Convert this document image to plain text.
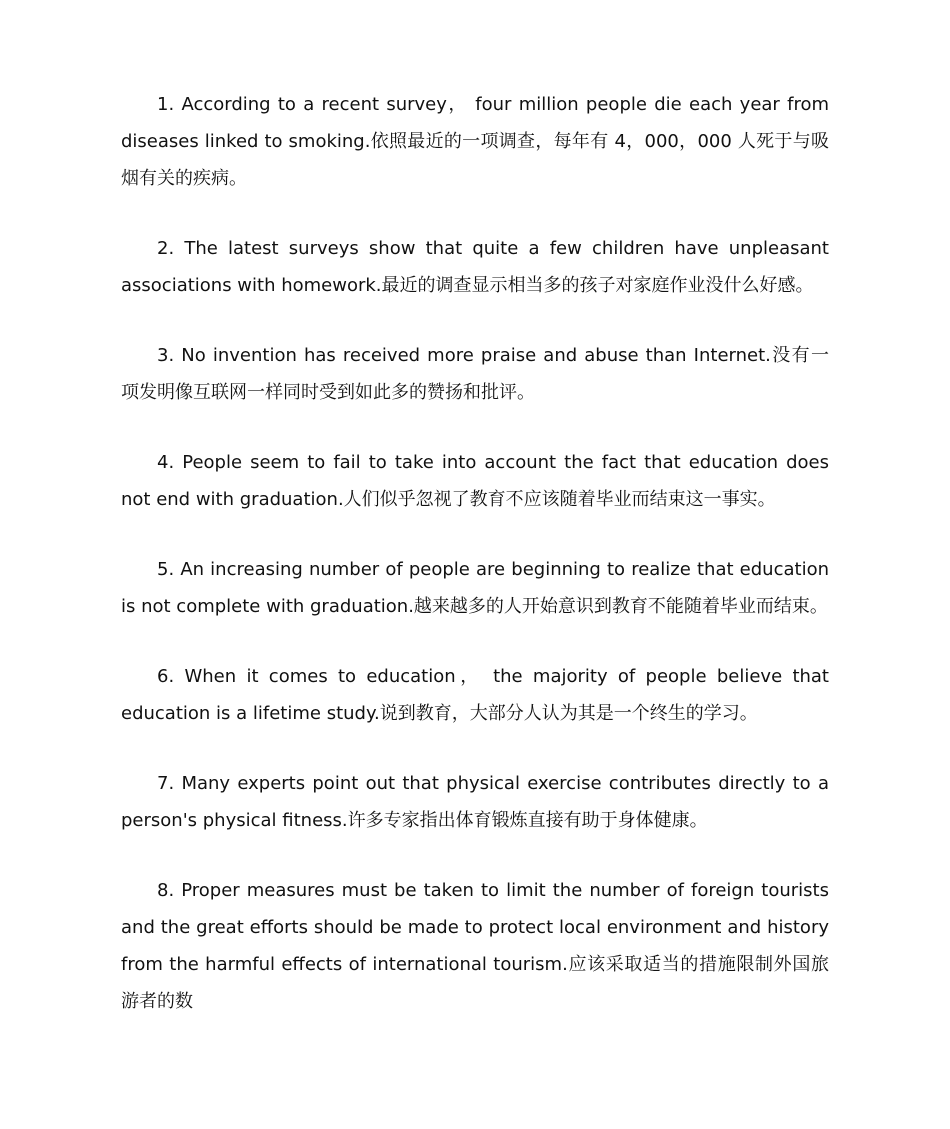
1. According to a recent survey， four million people die each year from diseases linked to smoking.依照最近的一项调查，每年有 4，000，000 人死于与吸烟有关的疾病。

2. The latest surveys show that quite a few children have unpleasant associations with homework.最近的调查显示相当多的孩子对家庭作业没什么好感。

3. No invention has received more praise and abuse than Internet.没有一项发明像互联网一样同时受到如此多的赞扬和批评。

4. People seem to fail to take into account the fact that education does not end with graduation.人们似乎忽视了教育不应该随着毕业而结束这一事实。

5. An increasing number of people are beginning to realize that education is not complete with graduation.越来越多的人开始意识到教育不能随着毕业而结束。

6. When it comes to education， the majority of people believe that education is a lifetime study.说到教育，大部分人认为其是一个终生的学习。

7. Many experts point out that physical exercise contributes directly to a person's physical fitness.许多专家指出体育锻炼直接有助于身体健康。

8. Proper measures must be taken to limit the number of foreign tourists and the great efforts should be made to protect local environment and history from the harmful effects of international tourism.应该采取适当的措施限制外国旅游者的数
